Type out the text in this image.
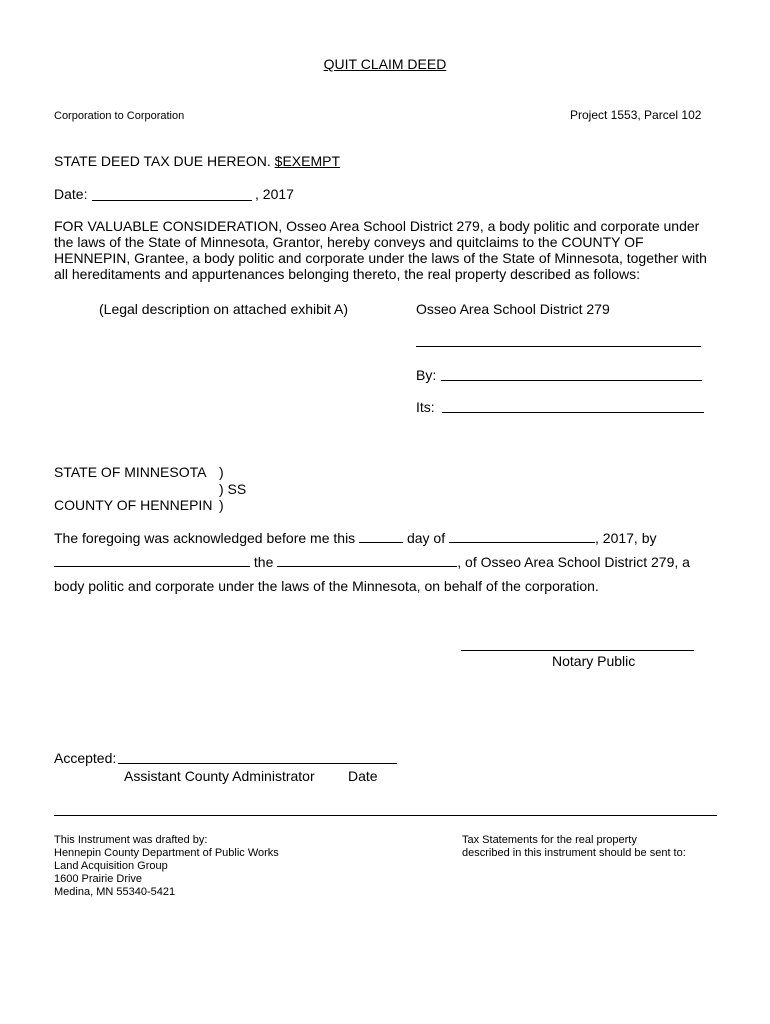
QUIT CLAIM DEED
Corporation to Corporation	Project 1553, Parcel 102
STATE DEED TAX DUE HEREON. $EXEMPT
Date:	, 2017
FOR VALUABLE CONSIDERATION, Osseo Area School District 279, a body politic and corporate under the laws of the State of Minnesota, Grantor, hereby conveys and quitclaims to the COUNTY OF HENNEPIN, Grantee, a body politic and corporate under the laws of the State of Minnesota, together with all hereditaments and appurtenances belonging thereto, the real property described as follows:
(Legal description on attached exhibit A)	Osseo Area School District 279
By:
Its:
STATE OF MINNESOTA )
) SS
COUNTY OF HENNEPIN )
The foregoing was acknowledged before me this	day of	, 2017, by
the	, of Osseo Area School District 279, a
body politic and corporate under the laws of the Minnesota, on behalf of the corporation.
Notary Public
Accepted:
Assistant County Administrator Date
This Instrument was drafted by:
Hennepin County Department of Public Works
Land Acquisition Group
1600 Prairie Drive
Medina, MN 55340-5421
Tax Statements for the real property
described in this instrument should be sent to:
